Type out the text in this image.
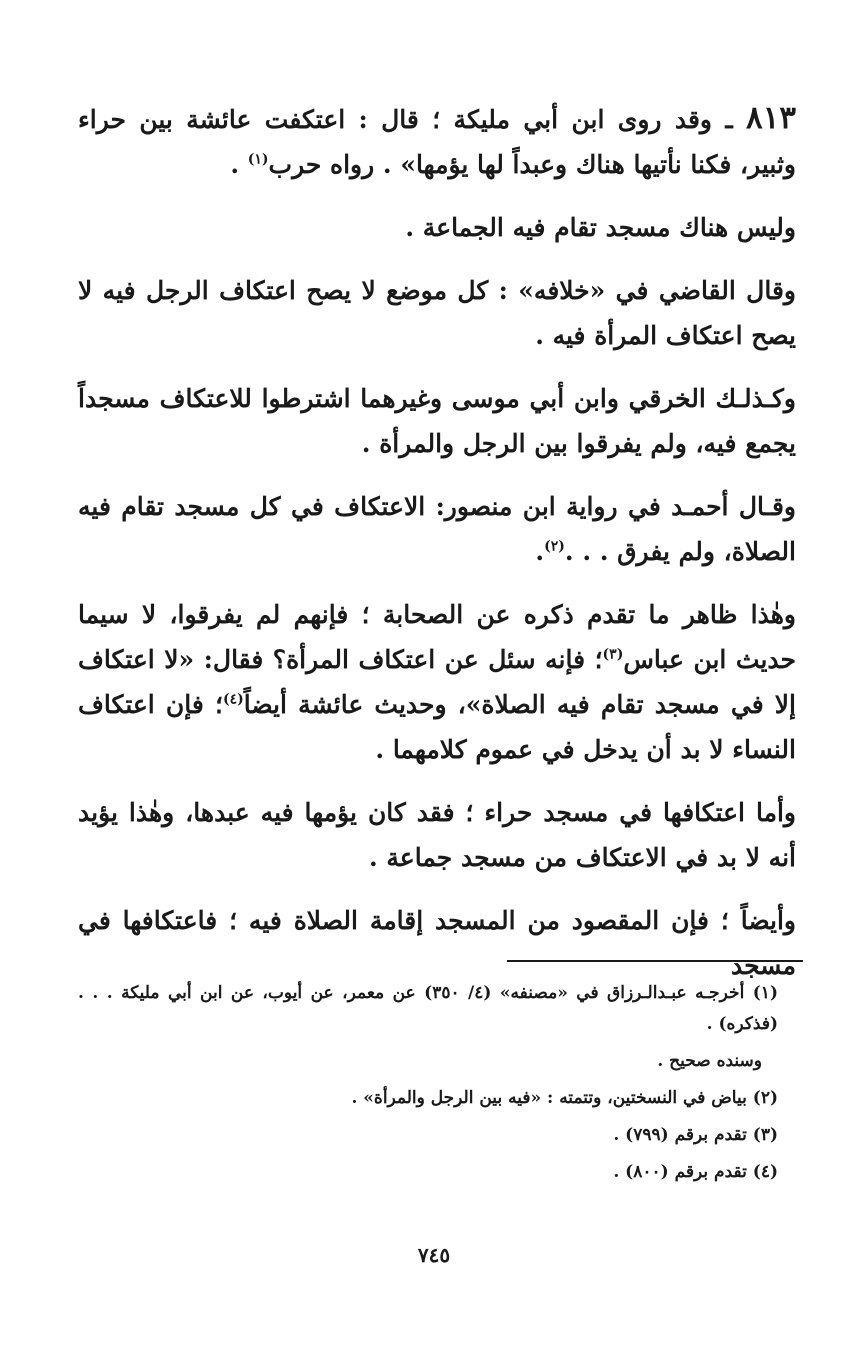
٨١٣ ـ وقد روى ابن أبي مليكة ؛ قال : اعتكفت عائشة بين حراء وثبير، فكنا نأتيها هناك وعبداً لها يؤمها» . رواه حرب$^{(١)}$ .

وليس هناك مسجد تقام فيه الجماعة .

وقال القاضي في «خلافه» : كل موضع لا يصح اعتكاف الرجل فيه لا يصح اعتكاف المرأة فيه .

وكـذلـك الخرقي وابن أبي موسى وغيرهما اشترطوا للاعتكاف مسجداً يجمع فيه، ولم يفرقوا بين الرجل والمرأة .

وقـال أحمـد في رواية ابن منصور: الاعتكاف في كل مسجد تقام فيه الصلاة، ولم يفرق . . .$^{(٢)}$.

وهٰذا ظاهر ما تقدم ذكره عن الصحابة ؛ فإنهم لم يفرقوا، لا سيما حديث ابن عباس$^{(٣)}$؛ فإنه سئل عن اعتكاف المرأة؟ فقال: «لا اعتكاف إلا في مسجد تقام فيه الصلاة»، وحديث عائشة أيضاً$^{(٤)}$؛ فإن اعتكاف النساء لا بد أن يدخل في عموم كلامهما .

وأما اعتكافها في مسجد حراء ؛ فقد كان يؤمها فيه عبدها، وهٰذا يؤيد أنه لا بد في الاعتكاف من مسجد جماعة .

وأيضاً ؛ فإن المقصود من المسجد إقامة الصلاة فيه ؛ فاعتكافها في مسجد

(١) أخرجـه عبـدالـرزاق في «مصنفه» (٤/ ٣٥٠) عن معمر، عن أيوب، عن ابن أبي مليكة . . . (فذكره) .

وسنده صحيح .

(٢) بياض في النسختين، وتتمته : «فيه بين الرجل والمرأة» .

(٣) تقدم برقم (٧٩٩) .

(٤) تقدم برقم (٨٠٠) .

٧٤٥
